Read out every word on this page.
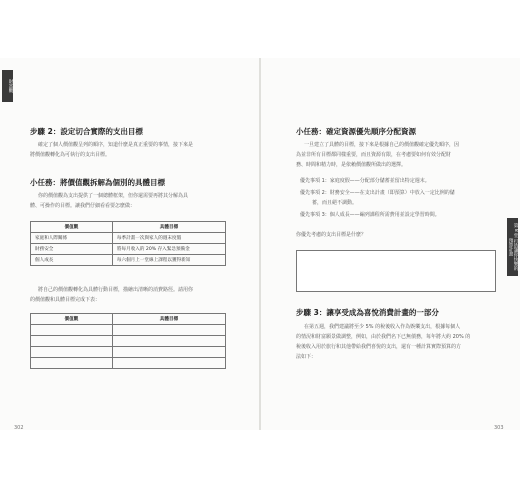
財富觀
步驟 2：設定切合實際的支出目標
確定了個人價值觀呈列的順序，知道什麼是真正重要的事情，接下來是
將價值觀轉化為可執行的支出目標。
小任務：將價值觀拆解為個別的具體目標
你的價值觀為支出提供了一個總體框架，但你還需要再將其分解為具
體、可操作的目標。讓我們仔細看看要怎麼做：
價值觀	具體目標
家庭和人際關係	每季計畫一次與家人的週末度假
財務安全	將每月收入的 20% 存入緊急預備金
個人成長	每六個月上一堂線上課程以獲得新知
將自己的價值觀轉化為具體行動目標，描繪出清晰的消費路徑。請用你
的價值觀和具體目標完成下表：
價值觀	具體目標

302
第 8 堂 打造讓你快樂的預算計畫
小任務：確定資源優先順序分配資源
一旦建立了具體的目標，接下來是根據自己的價值觀確定優先順序，因
為並非所有目標都同樣重要，而且資源有限，在考慮要如何有效分配財
務、時間和精力時，是依賴價值觀所做出的選擇。
優先事項 1：家庭度假——分配部分儲蓄並留出特定週末。
優先事項 2：財務安全——在支出計畫（即預算）中放入一定比例的儲
蓄，而且絕不調動。
優先事項 3：個人成長——編列課程所需費用並設定學習時間。
你優先考慮的支出目標是什麼？
步驟 3：讓享受成為喜悅消費計畫的一部分
在第五週，我們建議將至少 5% 的稅後收入作為娛樂支出，根據每個人
的情況和財富願景做調整，例如，由於我們名下已無債務，每年將大約 20% 的
稅後收入用於旅行和其他帶給我們喜悅的支出，還有一種計算實際預算的方
法如下：
303
